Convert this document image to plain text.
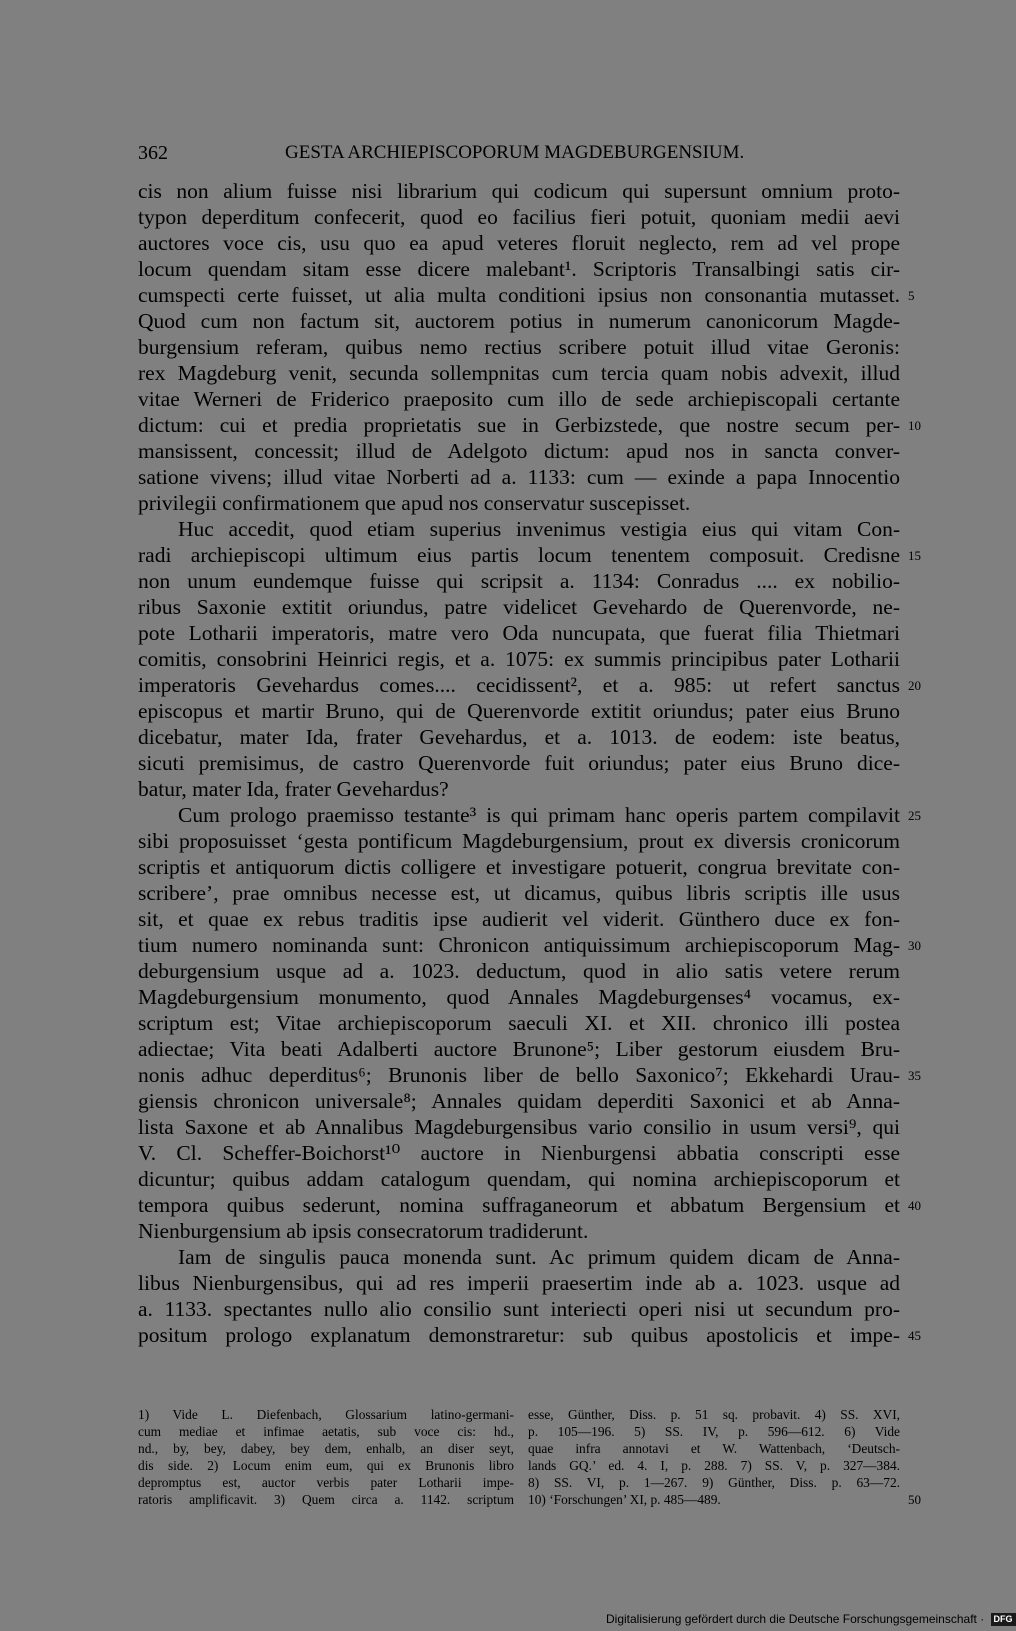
362	GESTA ARCHIEPISCOPORUM MAGDEBURGENSIUM.
cis non alium fuisse nisi librarium qui codicum qui supersunt omnium proto-
typon deperditum confecerit, quod eo facilius fieri potuit, quoniam medii aevi
auctores voce cis, usu quo ea apud veteres floruit neglecto, rem ad vel prope
locum quendam sitam esse dicere malebant¹. Scriptoris Transalbingi satis cir-
cumspecti certe fuisset, ut alia multa conditioni ipsius non consonantia mutasset.
Quod cum non factum sit, auctorem potius in numerum canonicorum Magde-
burgensium referam, quibus nemo rectius scribere potuit illud vitae Geronis:
rex Magdeburg venit, secunda sollempnitas cum tercia quam nobis advexit, illud
vitae Werneri de Friderico praeposito cum illo de sede archiepiscopali certante
dictum: cui et predia proprietatis sue in Gerbizstede, que nostre secum per-
mansissent, concessit; illud de Adelgoto dictum: apud nos in sancta conver-
satione vivens; illud vitae Norberti ad a. 1133: cum — exinde a papa Innocentio
privilegii confirmationem que apud nos conservatur suscepisset.
Huc accedit, quod etiam superius invenimus vestigia eius qui vitam Con-
radi archiepiscopi ultimum eius partis locum tenentem composuit. Credisne
non unum eundemque fuisse qui scripsit a. 1134: Conradus .... ex nobilio-
ribus Saxonie extitit oriundus, patre videlicet Gevehardo de Querenvorde, ne-
pote Lotharii imperatoris, matre vero Oda nuncupata, que fuerat filia Thietmari
comitis, consobrini Heinrici regis, et a. 1075: ex summis principibus pater Lotharii
imperatoris Gevehardus comes.... cecidissent², et a. 985: ut refert sanctus
episcopus et martir Bruno, qui de Querenvorde extitit oriundus; pater eius Bruno
dicebatur, mater Ida, frater Gevehardus, et a. 1013. de eodem: iste beatus,
sicuti premisimus, de castro Querenvorde fuit oriundus; pater eius Bruno dice-
batur, mater Ida, frater Gevehardus?
Cum prologo praemisso testante³ is qui primam hanc operis partem compilavit
sibi proposuisset ‘gesta pontificum Magdeburgensium, prout ex diversis cronicorum
scriptis et antiquorum dictis colligere et investigare potuerit, congrua brevitate con-
scribere’, prae omnibus necesse est, ut dicamus, quibus libris scriptis ille usus
sit, et quae ex rebus traditis ipse audierit vel viderit. Günthero duce ex fon-
tium numero nominanda sunt: Chronicon antiquissimum archiepiscoporum Mag-
deburgensium usque ad a. 1023. deductum, quod in alio satis vetere rerum
Magdeburgensium monumento, quod Annales Magdeburgenses⁴ vocamus, ex-
scriptum est; Vitae archiepiscoporum saeculi XI. et XII. chronico illi postea
adiectae; Vita beati Adalberti auctore Brunone⁵; Liber gestorum eiusdem Bru-
nonis adhuc deperditus⁶; Brunonis liber de bello Saxonico⁷; Ekkehardi Urau-
giensis chronicon universale⁸; Annales quidam deperditi Saxonici et ab Anna-
lista Saxone et ab Annalibus Magdeburgensibus vario consilio in usum versi⁹, qui
V. Cl. Scheffer-Boichorst¹⁰ auctore in Nienburgensi abbatia conscripti esse
dicuntur; quibus addam catalogum quendam, qui nomina archiepiscoporum et
tempora quibus sederunt, nomina suffraganeorum et abbatum Bergensium et
Nienburgensium ab ipsis consecratorum tradiderunt.
Iam de singulis pauca monenda sunt. Ac primum quidem dicam de Anna-
libus Nienburgensibus, qui ad res imperii praesertim inde ab a. 1023. usque ad
a. 1133. spectantes nullo alio consilio sunt interiecti operi nisi ut secundum pro-
positum prologo explanatum demonstraretur: sub quibus apostolicis et impe-
5
10
15
20
25
30
35
40
45
1) Vide L. Diefenbach, Glossarium latino-germani-
cum mediae et infimae aetatis, sub voce cis: hd.,
nd., by, bey, dabey, bey dem, enhalb, an diser seyt,
dis side. 2) Locum enim eum, qui ex Brunonis libro
depromptus est, auctor verbis pater Lotharii impe-
ratoris amplificavit. 3) Quem circa a. 1142. scriptum
esse, Günther, Diss. p. 51 sq. probavit. 4) SS. XVI,
p. 105—196. 5) SS. IV, p. 596—612. 6) Vide
quae infra annotavi et W. Wattenbach, ‘Deutsch-
lands GQ.’ ed. 4. I, p. 288. 7) SS. V, p. 327—384.
8) SS. VI, p. 1—267. 9) Günther, Diss. p. 63—72.
10) ‘Forschungen’ XI, p. 485—489.	50
Digitalisierung gefördert durch die Deutsche Forschungsgemeinschaft · DFG
